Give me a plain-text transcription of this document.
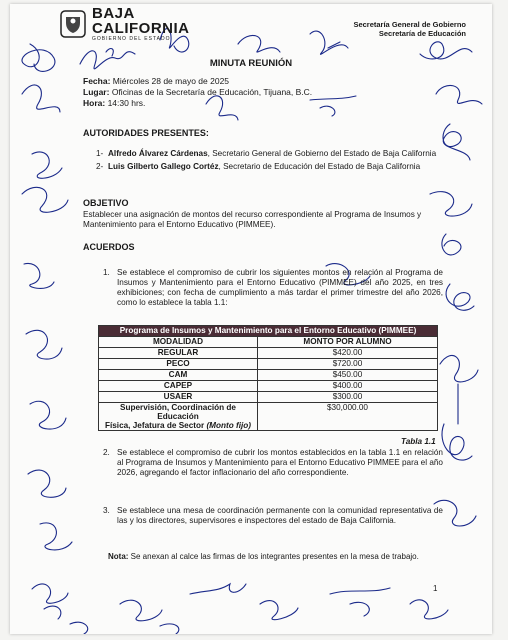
BAJA
CALIFORNIA
GOBIERNO DEL ESTADO
Secretaría General de Gobierno
Secretaría de Educación
MINUTA REUNIÓN
Fecha: Miércoles 28 de mayo de 2025
Lugar: Oficinas de la Secretaría de Educación, Tijuana, B.C.
Hora: 14:30 hrs.
AUTORIDADES PRESENTES:
1- Alfredo Álvarez Cárdenas, Secretario General de Gobierno del Estado de Baja California
2- Luis Gilberto Gallego Cortéz, Secretario de Educación del Estado de Baja California
OBJETIVO
Establecer una asignación de montos del recurso correspondiente al Programa de Insumos y Mantenimiento para el Entorno Educativo (PIMMEE).
ACUERDOS
1. Se establece el compromiso de cubrir los siguientes montos en relación al Programa de Insumos y Mantenimiento para el Entorno Educativo (PIMMEE) del año 2025, en tres exhibiciones; con fecha de cumplimiento a más tardar el primer trimestre del año 2026, como lo establece la tabla 1.1:
Programa de Insumos y Mantenimiento para el Entorno Educativo (PIMMEE)	
MODALIDAD	MONTO POR ALUMNO
REGULAR	$420.00
PECO	$720.00
CAM	$450.00
CAPEP	$400.00
USAER	$300.00
Supervisión, Coordinación de Educación
Física, Jefatura de Sector (Monto fijo)	$30,000.00
Tabla 1.1
2. Se establece el compromiso de cubrir los montos establecidos en la tabla 1.1 en relación al Programa de Insumos y Mantenimiento para el Entorno Educativo PIMMEE para el año 2026, agregando el factor inflacionario del año correspondiente.
3. Se establece una mesa de coordinación permanente con la comunidad representativa de las y los directores, supervisores e inspectores del estado de Baja California.
Nota: Se anexan al calce las firmas de los integrantes presentes en la mesa de trabajo.
1
